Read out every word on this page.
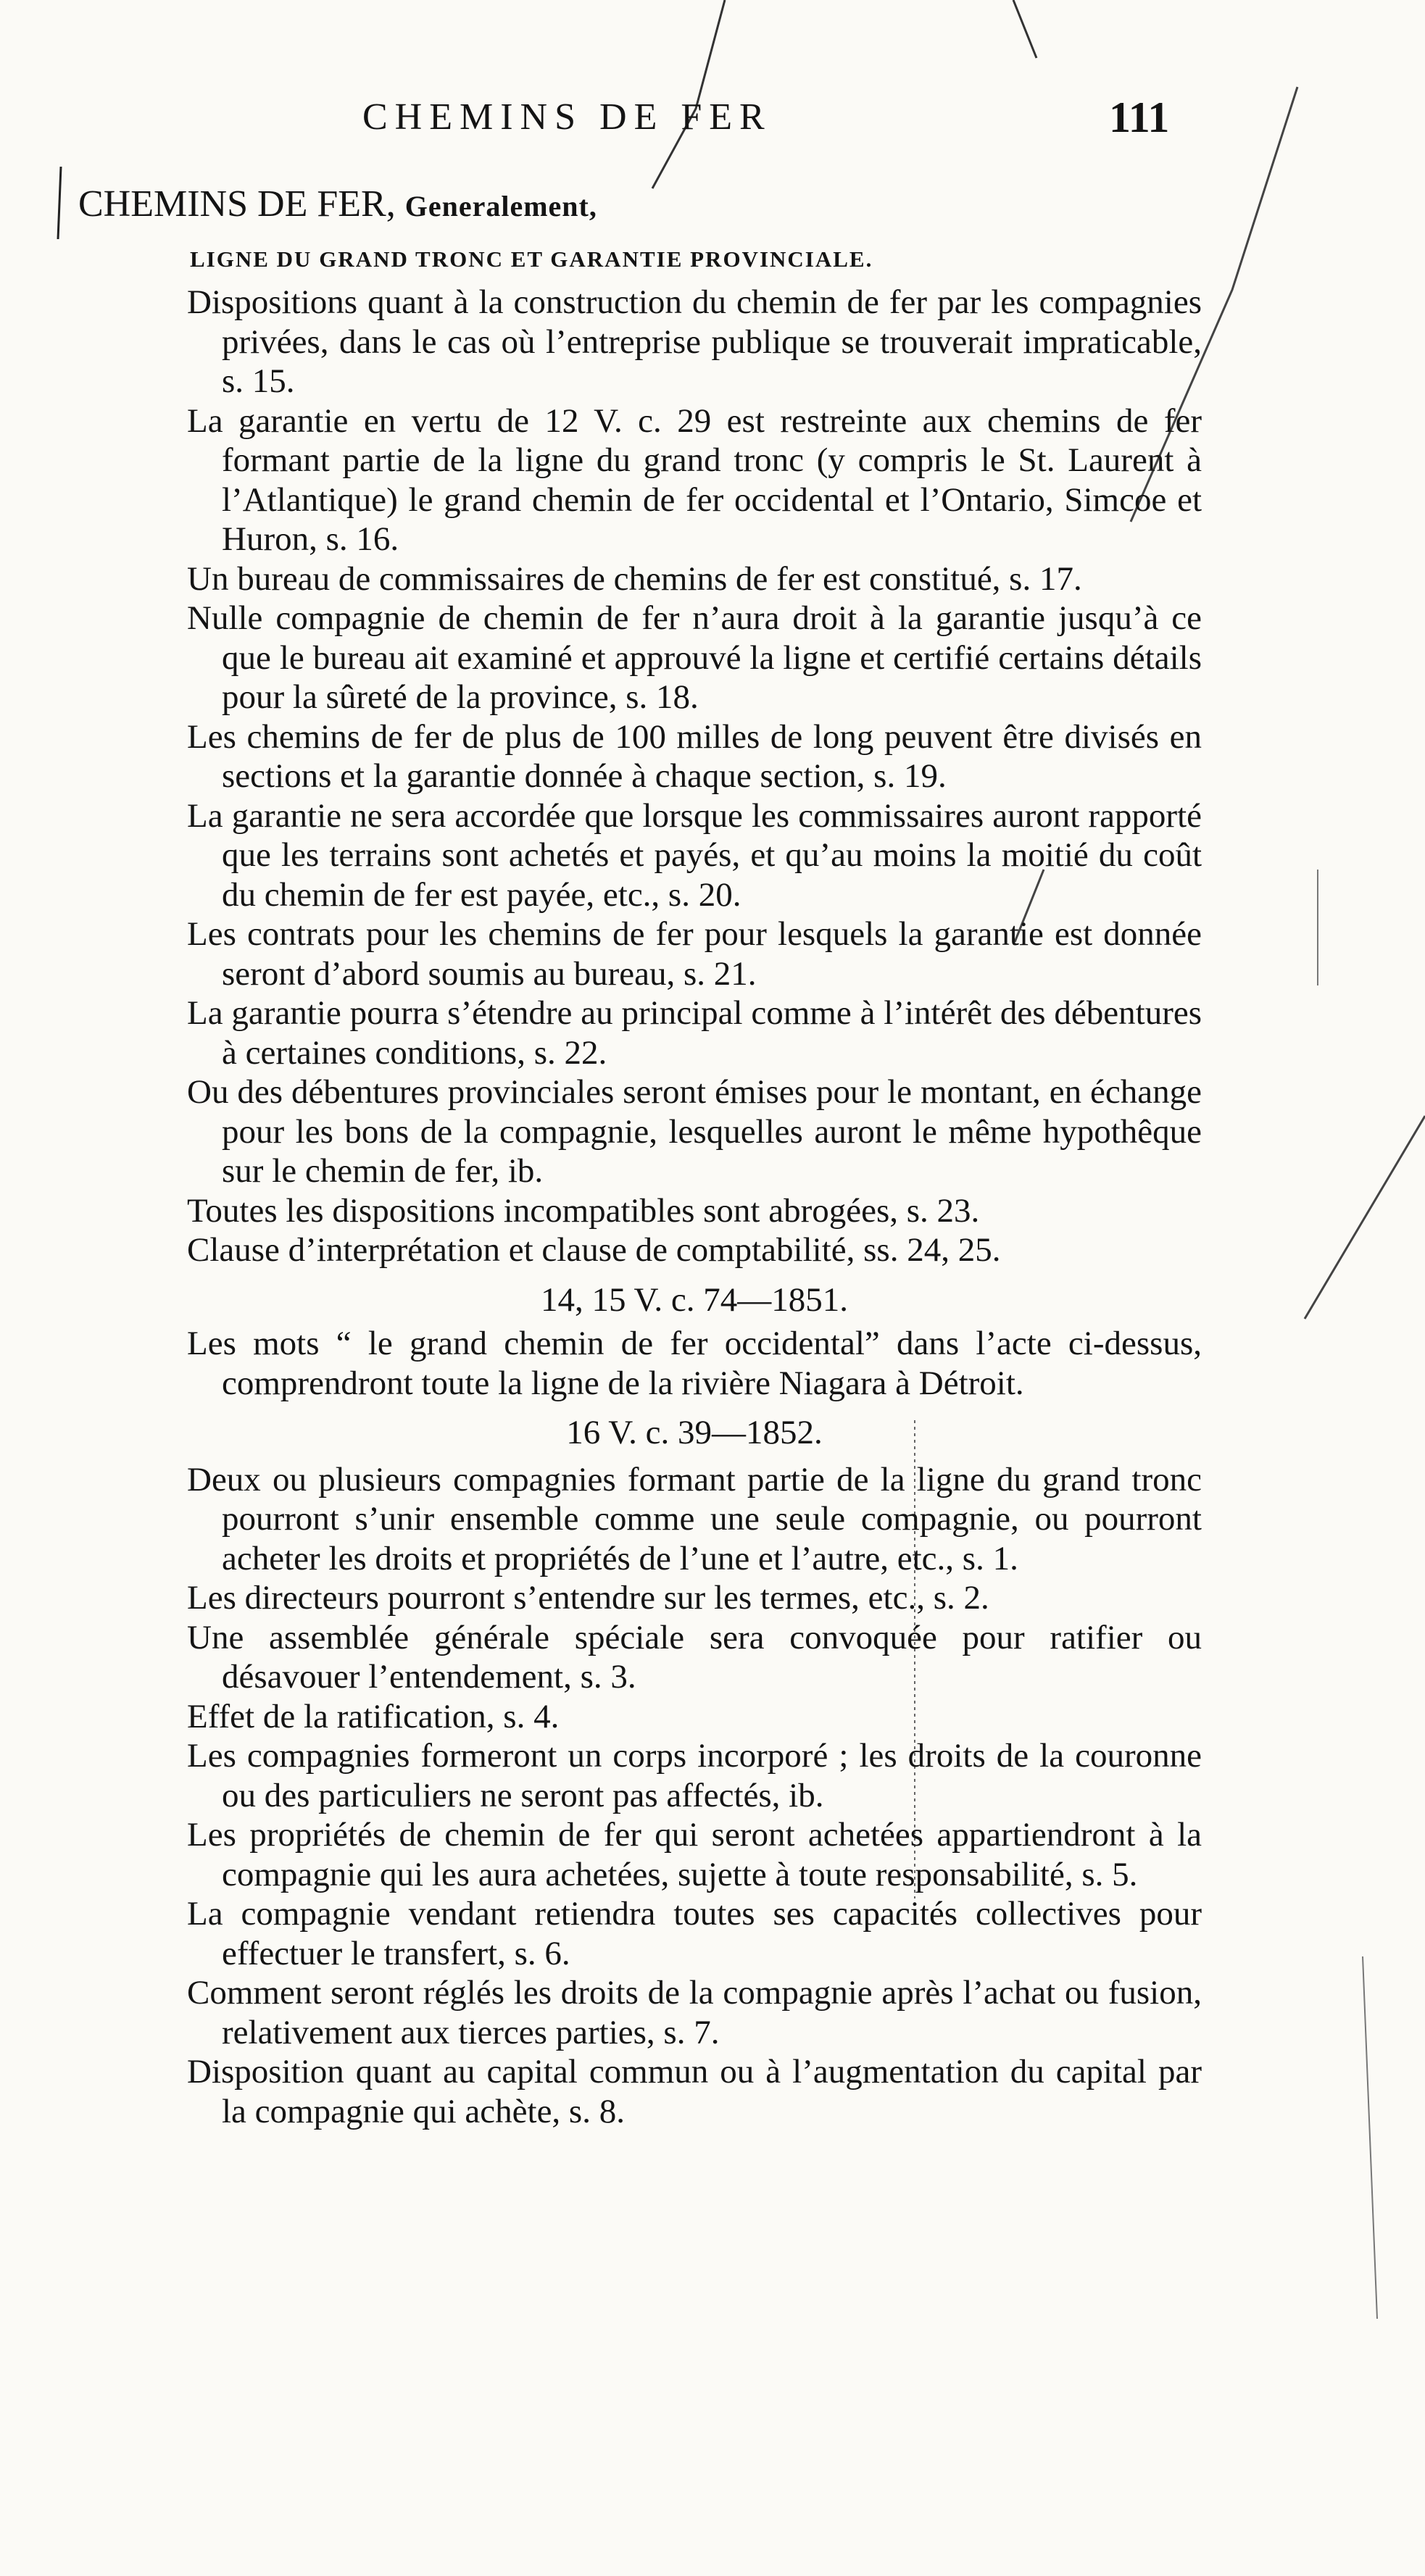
CHEMINS DE FER	111
CHEMINS DE FER, Generalement,
LIGNE DU GRAND TRONC ET GARANTIE PROVINCIALE.

Dispositions quant à la construction du chemin de fer par les compagnies privées, dans le cas où l’entreprise publique se trouverait impraticable, s. 15.

La garantie en vertu de 12 V. c. 29 est restreinte aux chemins de fer formant partie de la ligne du grand tronc (y compris le St. Laurent à l’Atlantique) le grand chemin de fer occidental et l’Ontario, Simcoe et Huron, s. 16.

Un bureau de commissaires de chemins de fer est constitué, s. 17.

Nulle compagnie de chemin de fer n’aura droit à la garantie jusqu’à ce que le bureau ait examiné et approuvé la ligne et certifié certains détails pour la sûreté de la province, s. 18.

Les chemins de fer de plus de 100 milles de long peuvent être divisés en sections et la garantie donnée à chaque section, s. 19.

La garantie ne sera accordée que lorsque les commissaires auront rapporté que les terrains sont achetés et payés, et qu’au moins la moitié du coût du chemin de fer est payée, etc., s. 20.

Les contrats pour les chemins de fer pour lesquels la garantie est donnée seront d’abord soumis au bureau, s. 21.

La garantie pourra s’étendre au principal comme à l’intérêt des débentures à certaines conditions, s. 22.

Ou des débentures provinciales seront émises pour le montant, en échange pour les bons de la compagnie, lesquelles auront le même hypothêque sur le chemin de fer, ib.

Toutes les dispositions incompatibles sont abrogées, s. 23.

Clause d’interprétation et clause de comptabilité, ss. 24, 25.

14, 15 V. c. 74—1851.

Les mots “ le grand chemin de fer occidental” dans l’acte ci-dessus, comprendront toute la ligne de la rivière Niagara à Détroit.

16 V. c. 39—1852.

Deux ou plusieurs compagnies formant partie de la ligne du grand tronc pourront s’unir ensemble comme une seule compagnie, ou pourront acheter les droits et propriétés de l’une et l’autre, etc., s. 1.

Les directeurs pourront s’entendre sur les termes, etc., s. 2.

Une assemblée générale spéciale sera convoquée pour ratifier ou désavouer l’entendement, s. 3.

Effet de la ratification, s. 4.

Les compagnies formeront un corps incorporé ; les droits de la couronne ou des particuliers ne seront pas affectés, ib.

Les propriétés de chemin de fer qui seront achetées appartiendront à la compagnie qui les aura achetées, sujette à toute responsabilité, s. 5.

La compagnie vendant retiendra toutes ses capacités collectives pour effectuer le transfert, s. 6.

Comment seront réglés les droits de la compagnie après l’achat ou fusion, relativement aux tierces parties, s. 7.

Disposition quant au capital commun ou à l’augmentation du capital par la compagnie qui achète, s. 8.
